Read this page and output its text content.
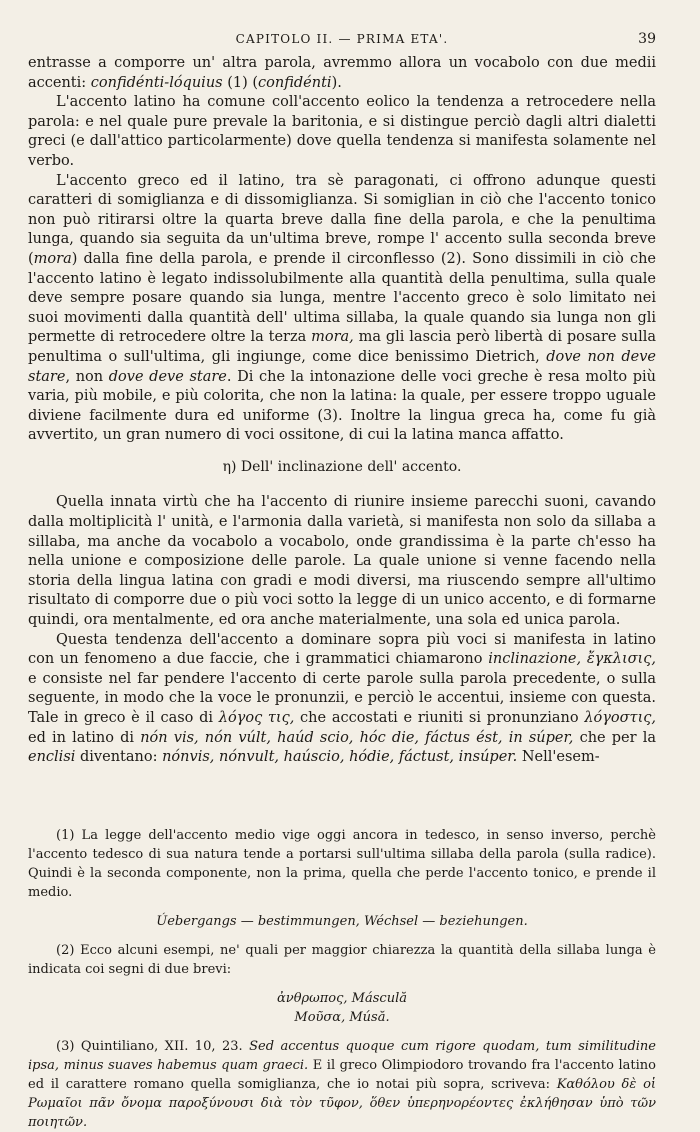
CAPITOLO II. — PRIMA ETA'.	39

entrasse a comporre un' altra parola, avremmo allora un vocabolo con due medii accenti: confidénti-lóquius (1) (confidénti).

L'accento latino ha comune coll'accento eolico la tendenza a retrocedere nella parola: e nel quale pure prevale la baritonia, e si distingue perciò dagli altri dialetti greci (e dall'attico particolarmente) dove quella tendenza si manifesta solamente nel verbo.

L'accento greco ed il latino, tra sè paragonati, ci offrono adunque questi caratteri di somiglianza e di dissomiglianza. Si somiglian in ciò che l'accento tonico non può ritirarsi oltre la quarta breve dalla fine della parola, e che la penultima lunga, quando sia seguita da un'ultima breve, rompe l' accento sulla seconda breve (mora) dalla fine della parola, e prende il circonflesso (2). Sono dissimili in ciò che l'accento latino è legato indissolubilmente alla quantità della penultima, sulla quale deve sempre posare quando sia lunga, mentre l'accento greco è solo limitato nei suoi movimenti dalla quantità dell' ultima sillaba, la quale quando sia lunga non gli permette di retrocedere oltre la terza mora, ma gli lascia però libertà di posare sulla penultima o sull'ultima, gli ingiunge, come dice benissimo Dietrich, dove non deve stare, non dove deve stare. Di che la intonazione delle voci greche è resa molto più varia, più mobile, e più colorita, che non la latina: la quale, per essere troppo uguale diviene facilmente dura ed uniforme (3). Inoltre la lingua greca ha, come fu già avvertito, un gran numero di voci ossitone, di cui la latina manca affatto.

η) Dell' inclinazione dell' accento.

Quella innata virtù che ha l'accento di riunire insieme parecchi suoni, cavando dalla moltiplicità l' unità, e l'armonia dalla varietà, si manifesta non solo da sillaba a sillaba, ma anche da vocabolo a vocabolo, onde grandissima è la parte ch'esso ha nella unione e composizione delle parole. La quale unione si venne facendo nella storia della lingua latina con gradi e modi diversi, ma riuscendo sempre all'ultimo risultato di comporre due o più voci sotto la legge di un unico accento, e di formarne quindi, ora mentalmente, ed ora anche materialmente, una sola ed unica parola.

Questa tendenza dell'accento a dominare sopra più voci si manifesta in latino con un fenomeno a due faccie, che i grammatici chiamarono inclinazione, ἔγκλισις, e consiste nel far pendere l'accento di certe parole sulla parola precedente, o sulla seguente, in modo che la voce le pronunzii, e perciò le accentui, insieme con questa. Tale in greco è il caso di λόγος τις, che accostati e riuniti si pronunziano λόγοστις, ed in latino di nón vis, nón vúlt, haúd scio, hóc die, fáctus ést, in súper, che per la enclisi diventano: nónvis, nónvult, haúscio, hódie, fáctust, insúper. Nell'esem-

(1) La legge dell'accento medio vige oggi ancora in tedesco, in senso inverso, perchè l'accento tedesco di sua natura tende a portarsi sull'ultima sillaba della parola (sulla radice). Quindi è la seconda componente, non la prima, quella che perde l'accento tonico, e prende il medio.

Úebergangs — bestimmungen, Wéchsel — beziehungen.

(2) Ecco alcuni esempi, ne' quali per maggior chiarezza la quantità della sillaba lunga è indicata coi segni di due brevi:

ἀνθρωπος, Másculă

Μοῦσα, Músă.

(3) Quintiliano, XII. 10, 23. Sed accentus quoque cum rigore quodam, tum similitudine ipsa, minus suaves habemus quam graeci. E il greco Olimpiodoro trovando fra l'accento latino ed il carattere romano quella somiglianza, che io notai più sopra, scriveva: Καθόλου δὲ οἱ Ρωμαῖοι πᾶν ὄνομα παροξύνουσι διὰ τὸν τῦφον, ὅθεν ὑπερηνορέοντες ἐκλήθησαν ὑπὸ τῶν ποιητῶν.
